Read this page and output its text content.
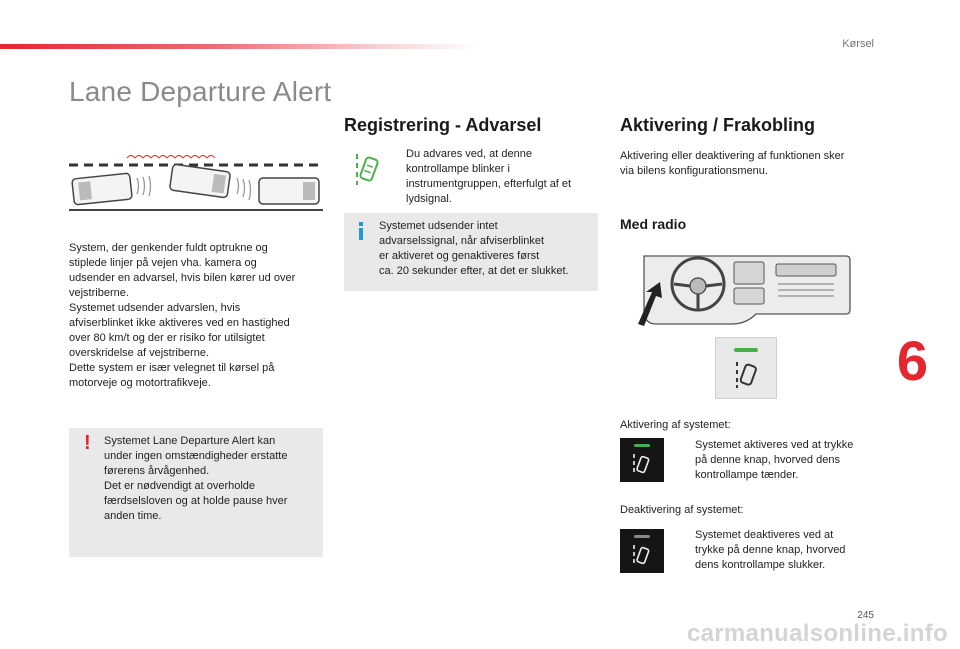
Kørsel
Lane Departure Alert
System, der genkender fuldt optrukne og
stiplede linjer på vejen vha. kamera og
udsender en advarsel, hvis bilen kører ud over
vejstriberne.
Systemet udsender advarslen, hvis
afviserblinket ikke aktiveres ved en hastighed
over 80 km/t og der er risiko for utilsigtet
overskridelse af vejstriberne.
Dette system er især velegnet til kørsel på
motorveje og motortrafikveje.
! Systemet Lane Departure Alert kan
under ingen omstændigheder erstatte
førerens årvågenhed.
Det er nødvendigt at overholde
færdselsloven og at holde pause hver
anden time.
Registrering - Advarsel
Du advares ved, at denne
kontrollampe blinker i
instrumentgruppen, efterfulgt af et
lydsignal.
Systemet udsender intet
advarselssignal, når afviserblinket
er aktiveret og genaktiveres først
ca. 20 sekunder efter, at det er slukket.
Aktivering / Frakobling
Aktivering eller deaktivering af funktionen sker
via bilens konfigurationsmenu.
Med radio
Aktivering af systemet:
Systemet aktiveres ved at trykke
på denne knap, hvorved dens
kontrollampe tænder.
Deaktivering af systemet:
Systemet deaktiveres ved at
trykke på denne knap, hvorved
dens kontrollampe slukker.
6
245
carmanualsonline.info
